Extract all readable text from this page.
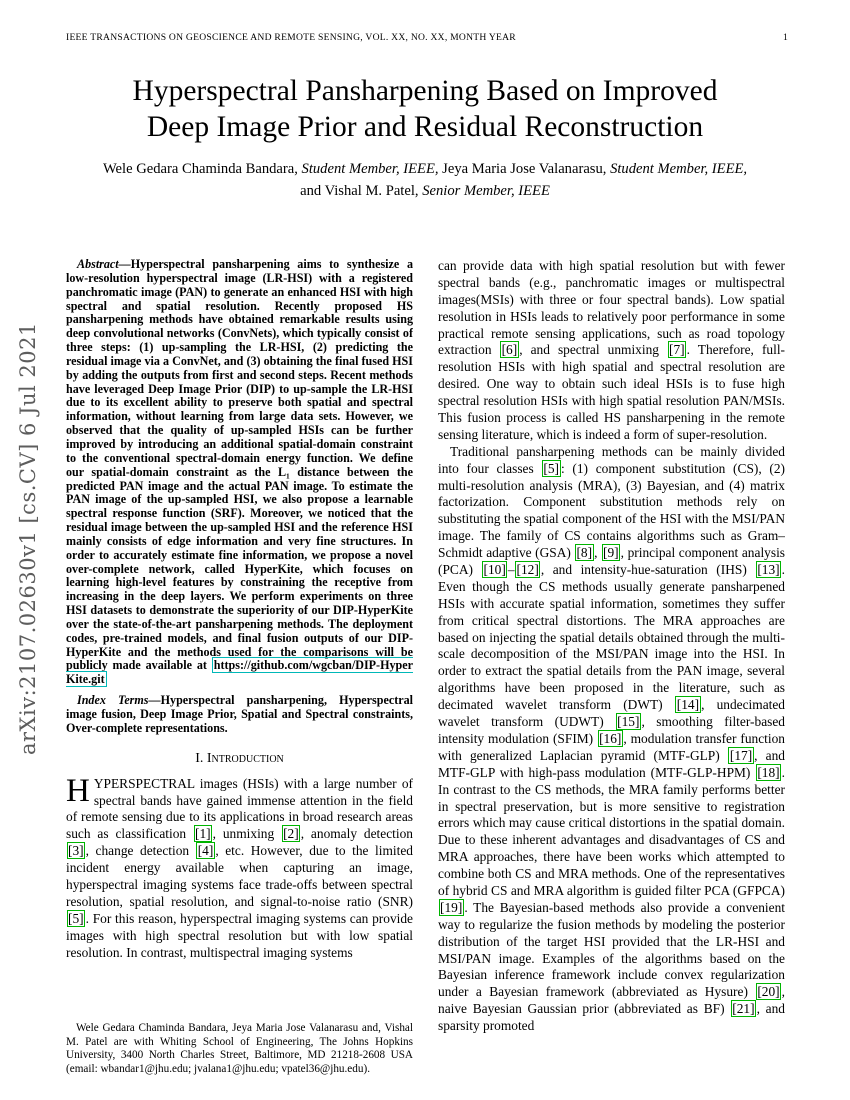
IEEE TRANSACTIONS ON GEOSCIENCE AND REMOTE SENSING, VOL. XX, NO. XX, MONTH YEAR	1
arXiv:2107.02630v1 [cs.CV] 6 Jul 2021
Hyperspectral Pansharpening Based on Improved Deep Image Prior and Residual Reconstruction
Wele Gedara Chaminda Bandara, Student Member, IEEE, Jeya Maria Jose Valanarasu, Student Member, IEEE,
and Vishal M. Patel, Senior Member, IEEE

Abstract—Hyperspectral pansharpening aims to synthesize a low-resolution hyperspectral image (LR-HSI) with a registered panchromatic image (PAN) to generate an enhanced HSI with high spectral and spatial resolution. Recently proposed HS pansharpening methods have obtained remarkable results using deep convolutional networks (ConvNets), which typically consist of three steps: (1) up-sampling the LR-HSI, (2) predicting the residual image via a ConvNet, and (3) obtaining the final fused HSI by adding the outputs from first and second steps. Recent methods have leveraged Deep Image Prior (DIP) to up-sample the LR-HSI due to its excellent ability to preserve both spatial and spectral information, without learning from large data sets. However, we observed that the quality of up-sampled HSIs can be further improved by introducing an additional spatial-domain constraint to the conventional spectral-domain energy function. We define our spatial-domain constraint as the L₁ distance between the predicted PAN image and the actual PAN image. To estimate the PAN image of the up-sampled HSI, we also propose a learnable spectral response function (SRF). Moreover, we noticed that the residual image between the up-sampled HSI and the reference HSI mainly consists of edge information and very fine structures. In order to accurately estimate fine information, we propose a novel over-complete network, called HyperKite, which focuses on learning high-level features by constraining the receptive from increasing in the deep layers. We perform experiments on three HSI datasets to demonstrate the superiority of our DIP-HyperKite over the state-of-the-art pansharpening methods. The deployment codes, pre-trained models, and final fusion outputs of our DIP-HyperKite and the methods used for the comparisons will be publicly made available at https://github.com/wgcban/DIP-HyperKite.git

Index Terms—Hyperspectral pansharpening, Hyperspectral image fusion, Deep Image Prior, Spatial and Spectral constraints, Over-complete representations.

I. Introduction

HYPERSPECTRAL images (HSIs) with a large number of spectral bands have gained immense attention in the field of remote sensing due to its applications in broad research areas such as classification [1] , unmixing [2] , anomaly detection [3] , change detection [4] , etc. However, due to the limited incident energy available when capturing an image, hyperspectral imaging systems face trade-offs between spectral resolution, spatial resolution, and signal-to-noise ratio (SNR) [5] . For this reason, hyperspectral imaging systems can provide images with high spectral resolution but with low spatial resolution. In contrast, multispectral imaging systems

Wele Gedara Chaminda Bandara, Jeya Maria Jose Valanarasu and, Vishal M. Patel are with Whiting School of Engineering, The Johns Hopkins University, 3400 North Charles Street, Baltimore, MD 21218-2608 USA (email: wbandar1@jhu.edu; jvalana1@jhu.edu; vpatel36@jhu.edu).

can provide data with high spatial resolution but with fewer spectral bands (e.g., panchromatic images or multispectral images(MSIs) with three or four spectral bands). Low spatial resolution in HSIs leads to relatively poor performance in some practical remote sensing applications, such as road topology extraction [6] , and spectral unmixing [7] . Therefore, full-resolution HSIs with high spatial and spectral resolution are desired. One way to obtain such ideal HSIs is to fuse high spectral resolution HSIs with high spatial resolution PAN/MSIs. This fusion process is called HS pansharpening in the remote sensing literature, which is indeed a form of super-resolution.

Traditional pansharpening methods can be mainly divided into four classes [5] : (1) component substitution (CS), (2) multi-resolution analysis (MRA), (3) Bayesian, and (4) matrix factorization. Component substitution methods rely on substituting the spatial component of the HSI with the MSI/PAN image. The family of CS contains algorithms such as Gram–Schmidt adaptive (GSA) [8] , [9] , principal component analysis (PCA) [10] – [12] , and intensity-hue-saturation (IHS) [13] . Even though the CS methods usually generate pansharpened HSIs with accurate spatial information, sometimes they suffer from critical spectral distortions. The MRA approaches are based on injecting the spatial details obtained through the multi-scale decomposition of the MSI/PAN image into the HSI. In order to extract the spatial details from the PAN image, several algorithms have been proposed in the literature, such as decimated wavelet transform (DWT) [14] , undecimated wavelet transform (UDWT) [15] , smoothing filter-based intensity modulation (SFIM) [16] , modulation transfer function with generalized Laplacian pyramid (MTF-GLP) [17] , and MTF-GLP with high-pass modulation (MTF-GLP-HPM) [18] . In contrast to the CS methods, the MRA family performs better in spectral preservation, but is more sensitive to registration errors which may cause critical distortions in the spatial domain. Due to these inherent advantages and disadvantages of CS and MRA approaches, there have been works which attempted to combine both CS and MRA methods. One of the representatives of hybrid CS and MRA algorithm is guided filter PCA (GFPCA) [19] . The Bayesian-based methods also provide a convenient way to regularize the fusion methods by modeling the posterior distribution of the target HSI provided that the LR-HSI and MSI/PAN image. Examples of the algorithms based on the Bayesian inference framework include convex regularization under a Bayesian framework (abbreviated as Hysure) [20] , naive Bayesian Gaussian prior (abbreviated as BF) [21] , and sparsity promoted
